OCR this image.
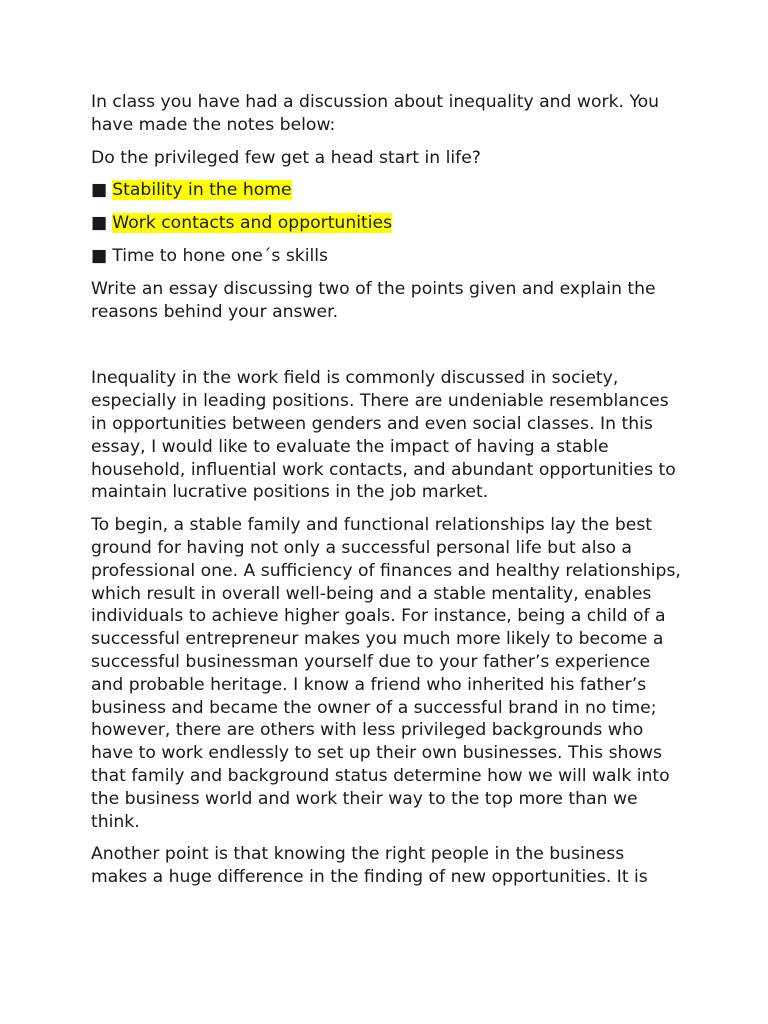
In class you have had a discussion about inequality and work. You have made the notes below:

Do the privileged few get a head start in life?

■ Stability in the home
■ Work contacts and opportunities
■ Time to hone one´s skills

Write an essay discussing two of the points given and explain the reasons behind your answer.

Inequality in the work field is commonly discussed in society, especially in leading positions. There are undeniable resemblances in opportunities between genders and even social classes. In this essay, I would like to evaluate the impact of having a stable household, influential work contacts, and abundant opportunities to maintain lucrative positions in the job market.

To begin, a stable family and functional relationships lay the best ground for having not only a successful personal life but also a professional one. A sufficiency of finances and healthy relationships, which result in overall well-being and a stable mentality, enables individuals to achieve higher goals. For instance, being a child of a successful entrepreneur makes you much more likely to become a successful businessman yourself due to your father’s experience and probable heritage. I know a friend who inherited his father’s business and became the owner of a successful brand in no time; however, there are others with less privileged backgrounds who have to work endlessly to set up their own businesses. This shows that family and background status determine how we will walk into the business world and work their way to the top more than we think.

Another point is that knowing the right people in the business makes a huge difference in the finding of new opportunities. It is
